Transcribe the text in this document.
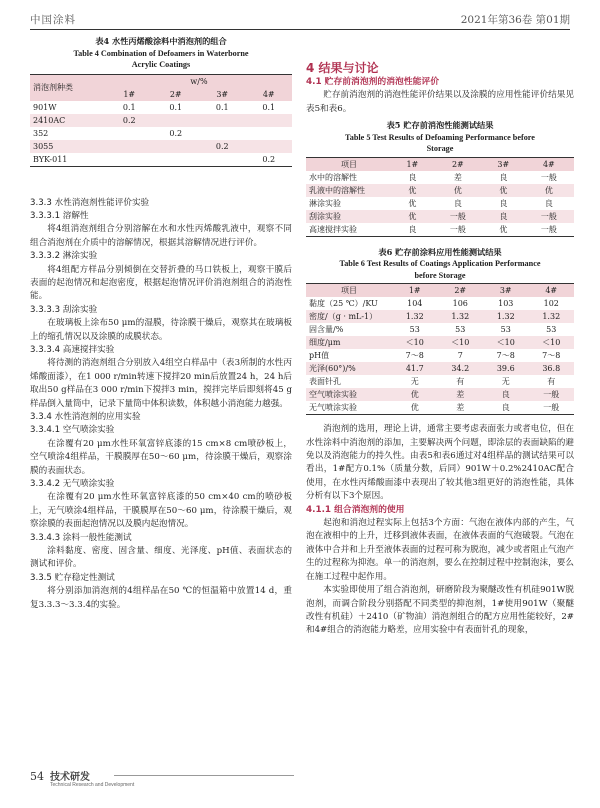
中国涂料	2021年第36卷 第01期
表4 水性丙烯酸涂料中消泡剂的组合
Table 4 Combination of Defoamers in Waterborne
Acrylic Coatings
消泡剂种类	w/%			
	1#	2#	3#	4#
901W	0.1	0.1	0.1	0.1
2410AC	0.2			
352		0.2		
3055			0.2	
BYK-011				0.2

3.3.3 水性消泡剂性能评价实验

3.3.3.1 溶解性

将4组消泡剂组合分别溶解在水和水性丙烯酸乳液中，观察不同组合消泡剂在介质中的溶解情况，根据其溶解情况进行评价。

3.3.3.2 淋涂实验

将4组配方样品分别倾倒在交替折叠的马口铁板上，观察干膜后表面的起泡情况和起泡密度，根据起泡情况评价消泡剂组合的消泡性能。

3.3.3.3 刮涂实验

在玻璃板上涂布50 μm的湿膜，待涂膜干燥后，观察其在玻璃板上的缩孔情况以及涂膜的成膜状态。

3.3.3.4 高速搅拌实验

将待测的消泡剂组合分别放入4组空白样品中（表3所制的水性丙烯酸面漆），在1 000 r/min转速下搅拌20 min后放置24 h，24 h后取出50 g样品在3 000 r/min下搅拌3 min，搅拌完毕后即刻将45 g样品倒入量筒中，记录下量筒中体积读数，体积越小消泡能力越强。

3.3.4 水性消泡剂的应用实验

3.3.4.1 空气喷涂实验

在涂覆有20 μm水性环氧富锌底漆的15 cm×8 cm喷砂板上，空气喷涂4组样品，干膜膜厚在50～60 μm，待涂膜干燥后，观察涂膜的表面状态。

3.3.4.2 无气喷涂实验

在涂覆有20 μm水性环氧富锌底漆的50 cm×40 cm的喷砂板上，无气喷涂4组样品，干膜膜厚在50～60 μm，待涂膜干燥后，观察涂膜的表面起泡情况以及膜内起泡情况。

3.3.4.3 涂料一般性能测试

涂料黏度、密度、固含量、细度、光泽度、pH值、表面状态的测试和评价。

3.3.5 贮存稳定性测试

将分别添加消泡剂的4组样品在50 ℃的恒温箱中放置14 d，重复3.3.3～3.3.4的实验。

4 结果与讨论

4.1 贮存前消泡剂的消泡性能评价

贮存前消泡剂的消泡性能评价结果以及涂膜的应用性能评价结果见表5和表6。

表5 贮存前消泡性能测试结果
Table 5 Test Results of Defoaming Performance before
Storage
项目	1#	2#	3#	4#
水中的溶解性	良	差	良	一般
乳液中的溶解性	优	优	优	优
淋涂实验	优	良	良	良
刮涂实验	优	一般	良	一般
高速搅拌实验	良	一般	优	一般
表6 贮存前涂料应用性能测试结果
Table 6 Test Results of Coatings Application Performance
before Storage
项目	1#	2#	3#	4#
黏度（25 ℃）/KU	104	106	103	102
密度/（g · mL-1）	1.32	1.32	1.32	1.32
固含量/%	53	53	53	53
细度/μm	＜10	＜10	＜10	＜10
pH值	7～8	7	7～8	7～8
光泽(60°)/%	41.7	34.2	39.6	36.8
表面针孔	无	有	无	有
空气喷涂实验	优	差	良	一般
无气喷涂实验	优	差	良	一般

消泡剂的选用，理论上讲，通常主要考虑表面张力或者电位，但在水性涂料中消泡剂的添加，主要解决两个问题，即涂层的表面缺陷的避免以及消泡能力的持久性。由表5和表6通过对4组样品的测试结果可以看出，1#配方0.1%（质量分数，后同）901W＋0.2%2410AC配合使用，在水性丙烯酸面漆中表现出了较其他3组更好的消泡性能，具体分析有以下3个原因。

4.1.1 组合消泡剂的使用

起泡和消泡过程实际上包括3个方面：气泡在液体内部的产生，气泡在液相中的上升，迁移到液体表面，在液体表面的气泡破裂。气泡在液体中合并和上升至液体表面的过程可称为脱泡，减少或者阻止气泡产生的过程称为抑泡。单一的消泡剂，要么在控制过程中控制泡沫，要么在施工过程中起作用。

本实验即使用了组合消泡剂，研磨阶段为聚醚改性有机硅901W脱泡剂，而调合阶段分别搭配不同类型的抑泡剂，1#使用901W（聚醚改性有机硅）＋2410（矿物油）消泡剂组合的配方应用性能较好，2#和4#组合的消泡能力略差，应用实验中有表面针孔的现象，

54 技术研发
Technical Research and Development
